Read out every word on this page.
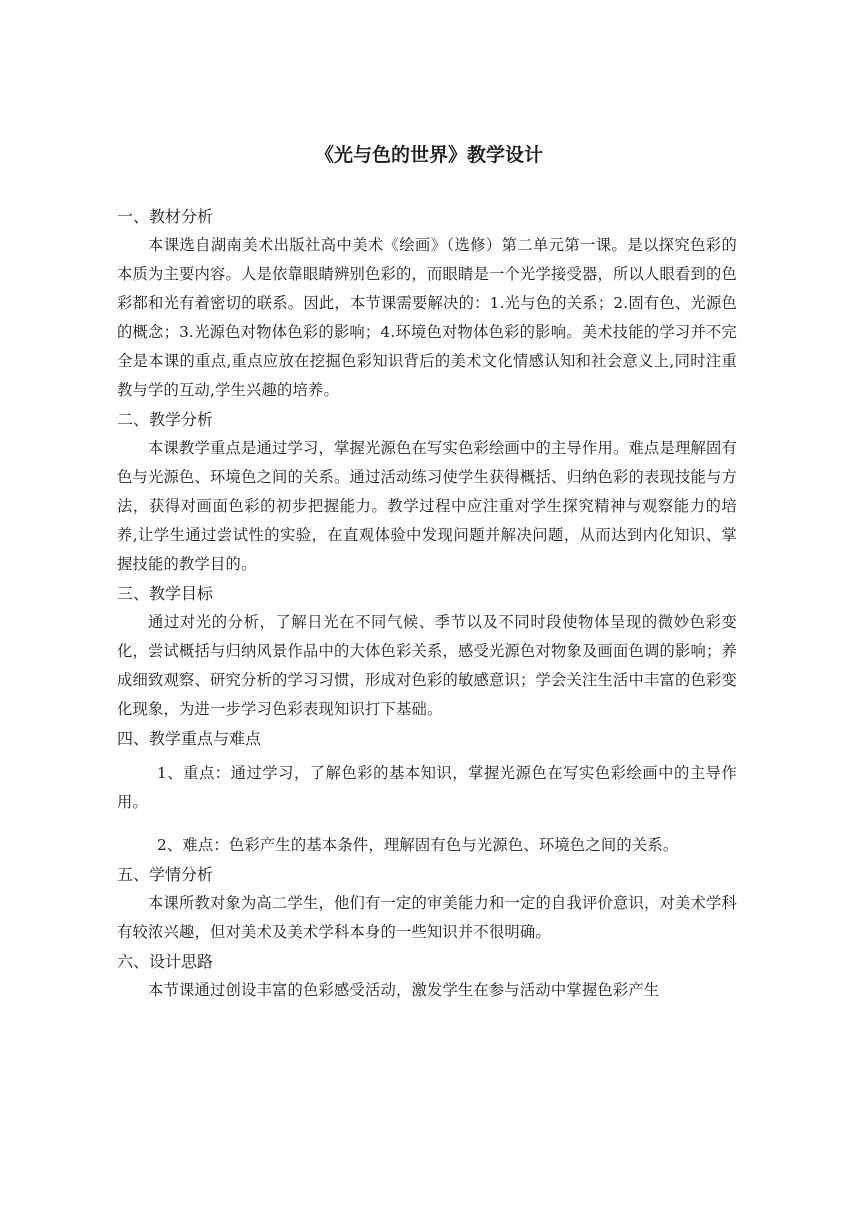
《光与色的世界》教学设计
一、教材分析

本课选自湖南美术出版社高中美术《绘画》（选修）第二单元第一课。是以探究色彩的本质为主要内容。人是依靠眼睛辨别色彩的，而眼睛是一个光学接受器，所以人眼看到的色彩都和光有着密切的联系。因此，本节课需要解决的：1.光与色的关系；2.固有色、光源色的概念；3.光源色对物体色彩的影响；4.环境色对物体色彩的影响。美术技能的学习并不完全是本课的重点,重点应放在挖掘色彩知识背后的美术文化情感认知和社会意义上,同时注重教与学的互动,学生兴趣的培养。

二、教学分析

本课教学重点是通过学习，掌握光源色在写实色彩绘画中的主导作用。难点是理解固有色与光源色、环境色之间的关系。通过活动练习使学生获得概括、归纳色彩的表现技能与方法，获得对画面色彩的初步把握能力。教学过程中应注重对学生探究精神与观察能力的培养,让学生通过尝试性的实验，在直观体验中发现问题并解决问题，从而达到内化知识、掌握技能的教学目的。

三、教学目标

通过对光的分析，了解日光在不同气候、季节以及不同时段使物体呈现的微妙色彩变化，尝试概括与归纳风景作品中的大体色彩关系，感受光源色对物象及画面色调的影响；养成细致观察、研究分析的学习习惯，形成对色彩的敏感意识；学会关注生活中丰富的色彩变化现象，为进一步学习色彩表现知识打下基础。

四、教学重点与难点

1、重点：通过学习，了解色彩的基本知识，掌握光源色在写实色彩绘画中的主导作用。

2、难点：色彩产生的基本条件，理解固有色与光源色、环境色之间的关系。

五、学情分析

本课所教对象为高二学生，他们有一定的审美能力和一定的自我评价意识，对美术学科有较浓兴趣，但对美术及美术学科本身的一些知识并不很明确。

六、设计思路

本节课通过创设丰富的色彩感受活动，激发学生在参与活动中掌握色彩产生
